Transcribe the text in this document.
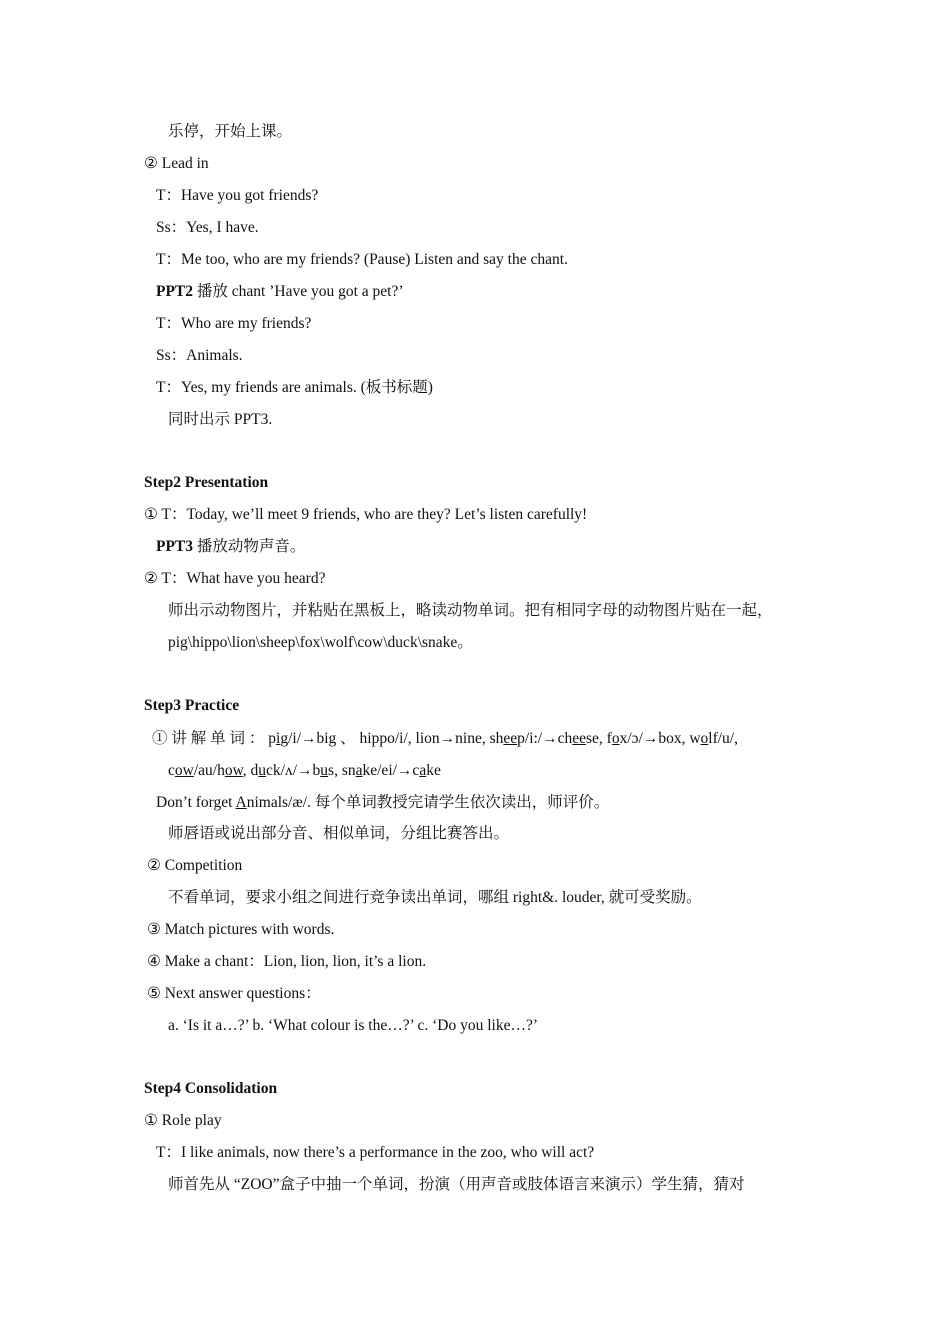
乐停，开始上课。
② Lead in
T：Have you got friends?
Ss：Yes, I have.
T：Me too, who are my friends? (Pause) Listen and say the chant.
PPT2 播放 chant ’Have you got a pet?’
T：Who are my friends?
Ss：Animals.
T：Yes, my friends are animals. (板书标题)
同时出示 PPT3.
Step2 Presentation
① T：Today, we’ll meet 9 friends, who are they? Let’s listen carefully!
PPT3 播放动物声音。
② T：What have you heard?
师出示动物图片，并粘贴在黑板上，略读动物单词。把有相同字母的动物图片贴在一起，
pig\hippo\lion\sheep\fox\wolf\cow\duck\snake。
Step3 Practice
① 讲 解 单 词 ： pig/i/→big 、 hippo/i/, lion→nine, sheep/i:/→cheese, fox/ɔ/→box, wolf/u/,
cow/au/how, duck/ʌ/→bus, snake/ei/→cake
Don’t forget Animals/æ/. 每个单词教授完请学生依次读出，师评价。
师唇语或说出部分音、相似单词，分组比赛答出。
② Competition
不看单词，要求小组之间进行竞争读出单词，哪组 right&. louder, 就可受奖励。
③ Match pictures with words.
④ Make a chant：Lion, lion, lion, it’s a lion.
⑤ Next answer questions：
a. ‘Is it a…?’ b. ‘What colour is the…?’ c. ‘Do you like…?’
Step4 Consolidation
① Role play
T：I like animals, now there’s a performance in the zoo, who will act?
师首先从 “ZOO”盒子中抽一个单词，扮演（用声音或肢体语言来演示）学生猜，猜对
